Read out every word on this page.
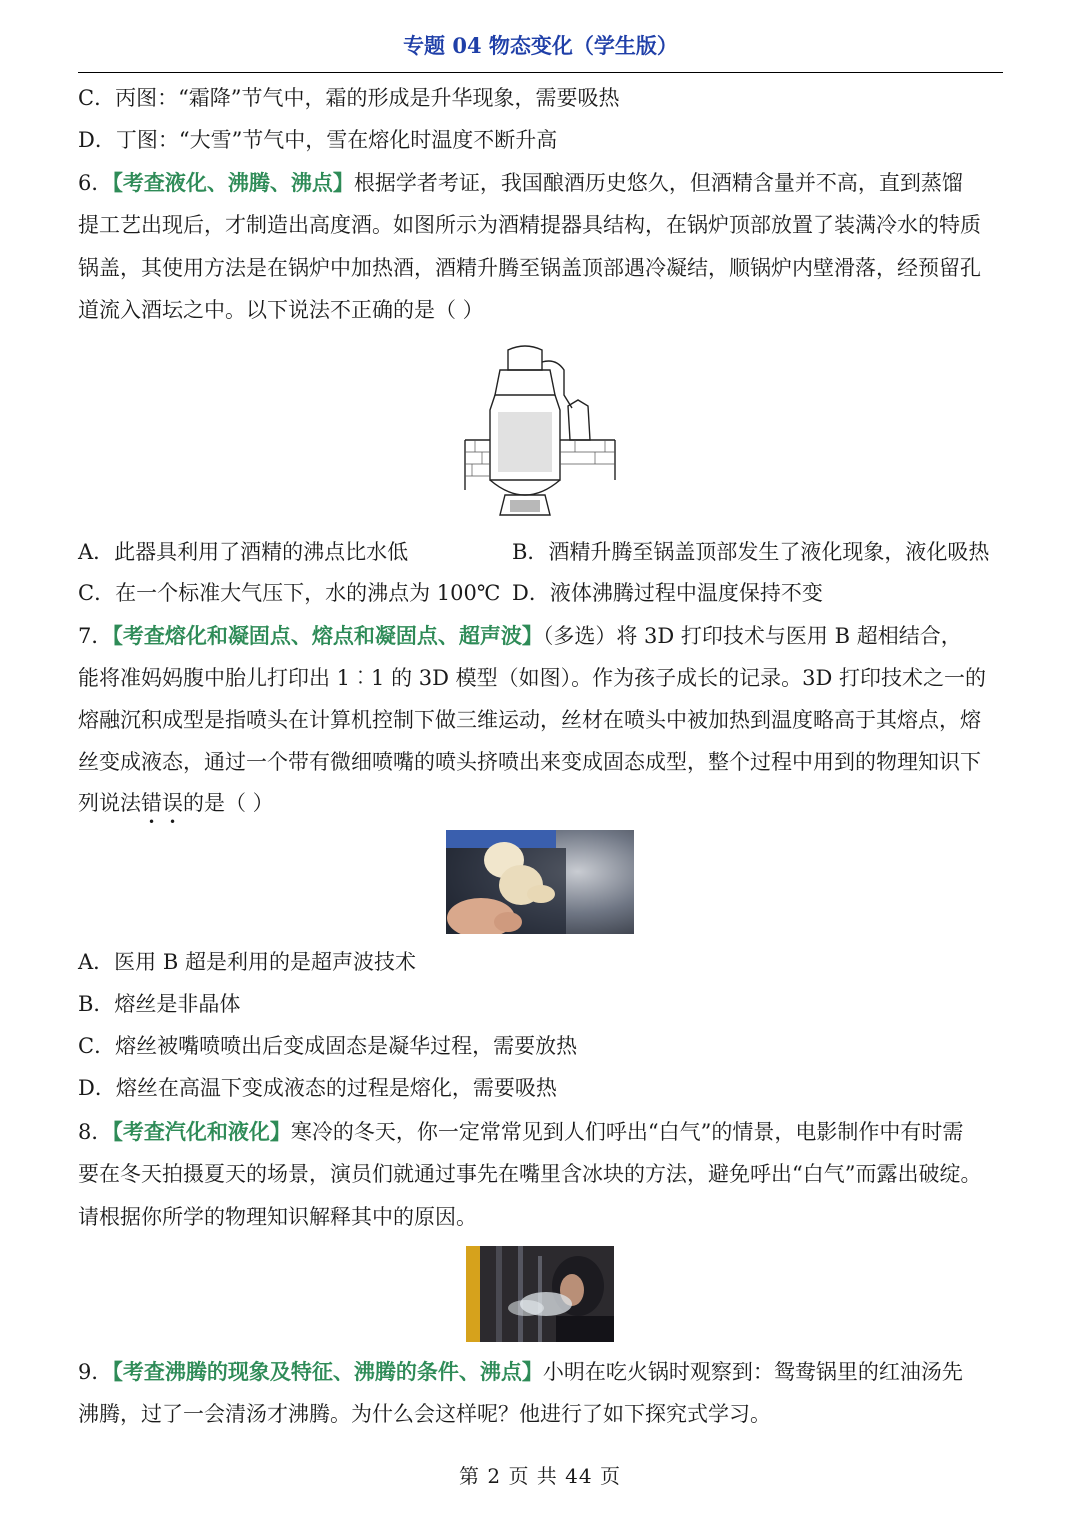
专题 04 物态变化（学生版）
C．丙图：“霜降”节气中，霜的形成是升华现象，需要吸热
D．丁图：“大雪”节气中，雪在熔化时温度不断升高
6．【考查液化、沸腾、沸点】根据学者考证，我国酿酒历史悠久，但酒精含量并不高，直到蒸馏
提工艺出现后，才制造出高度酒。如图所示为酒精提器具结构，在锅炉顶部放置了装满冷水的特质
锅盖，其使用方法是在锅炉中加热酒，酒精升腾至锅盖顶部遇冷凝结，顺锅炉内壁滑落，经预留孔
道流入酒坛之中。以下说法不正确的是（ ）
A．此器具利用了酒精的沸点比水低	B．酒精升腾至锅盖顶部发生了液化现象，液化吸热
C．在一个标准大气压下，水的沸点为 100℃ D．液体沸腾过程中温度保持不变
7．【考查熔化和凝固点、熔点和凝固点、超声波】（多选）将 3D 打印技术与医用 B 超相结合，
能将准妈妈腹中胎儿打印出 1︰1 的 3D 模型（如图）。作为孩子成长的记录。3D 打印技术之一的
熔融沉积成型是指喷头在计算机控制下做三维运动，丝材在喷头中被加热到温度略高于其熔点，熔
丝变成液态，通过一个带有微细喷嘴的喷头挤喷出来变成固态成型，整个过程中用到的物理知识下
列说法错误的是（ ）
A．医用 B 超是利用的是超声波技术
B．熔丝是非晶体
C．熔丝被嘴喷喷出后变成固态是凝华过程，需要放热
D．熔丝在高温下变成液态的过程是熔化，需要吸热
8．【考查汽化和液化】寒冷的冬天，你一定常常见到人们呼出“白气”的情景，电影制作中有时需
要在冬天拍摄夏天的场景，演员们就通过事先在嘴里含冰块的方法，避免呼出“白气”而露出破绽。
请根据你所学的物理知识解释其中的原因。
9．【考查沸腾的现象及特征、沸腾的条件、沸点】小明在吃火锅时观察到：鸳鸯锅里的红油汤先
沸腾，过了一会清汤才沸腾。为什么会这样呢？他进行了如下探究式学习。
第 2 页 共 44 页
